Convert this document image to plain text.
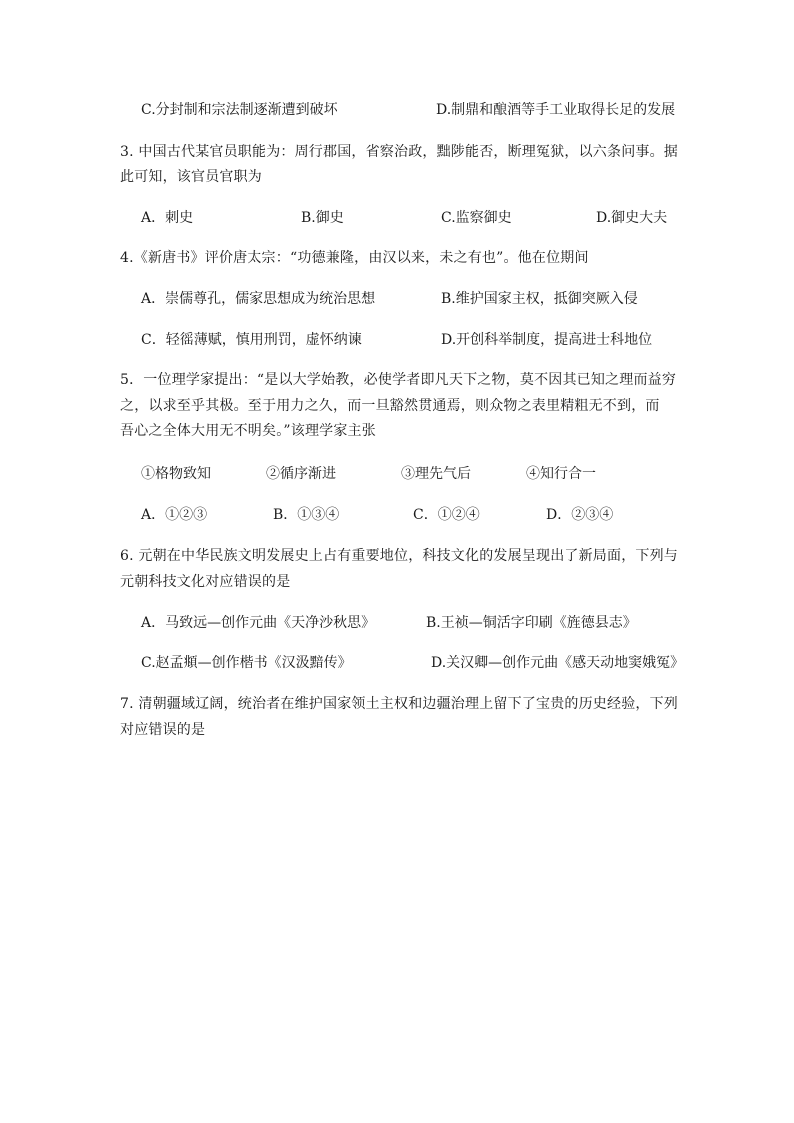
C.分封制和宗法制逐渐遭到破坏	D.制鼎和酿酒等手工业取得长足的发展
3. 中国古代某官员职能为：周行郡国，省察治政，黜陟能否，断理冤狱，以六条问事。据
此可知，该官员官职为
A．刺史	B.御史	C.监察御史	D.御史大夫
4.《新唐书》评价唐太宗：“功德兼隆，由汉以来，未之有也”。他在位期间
A．崇儒尊孔，儒家思想成为统治思想	B.维护国家主权，抵御突厥入侵
C．轻徭薄赋，慎用刑罚，虚怀纳谏	D.开创科举制度，提高进士科地位
5．一位理学家提出：“是以大学始教，必使学者即凡天下之物，莫不因其已知之理而益穷
之，以求至乎其极。至于用力之久，而一旦豁然贯通焉，则众物之表里精粗无不到，而
吾心之全体大用无不明矣。”该理学家主张
①格物致知	②循序渐进	③理先气后	④知行合一
A．①②③	B．①③④	C．①②④	D．②③④
6. 元朝在中华民族文明发展史上占有重要地位，科技文化的发展呈现出了新局面，下列与
元朝科技文化对应错误的是
A．马致远—创作元曲《天净沙秋思》	B.王祯—铜活字印刷《旌德县志》
C.赵孟頫—创作楷书《汉汲黯传》	D.关汉卿—创作元曲《感天动地窦娥冤》
7. 清朝疆域辽阔，统治者在维护国家领土主权和边疆治理上留下了宝贵的历史经验，下列
对应错误的是
